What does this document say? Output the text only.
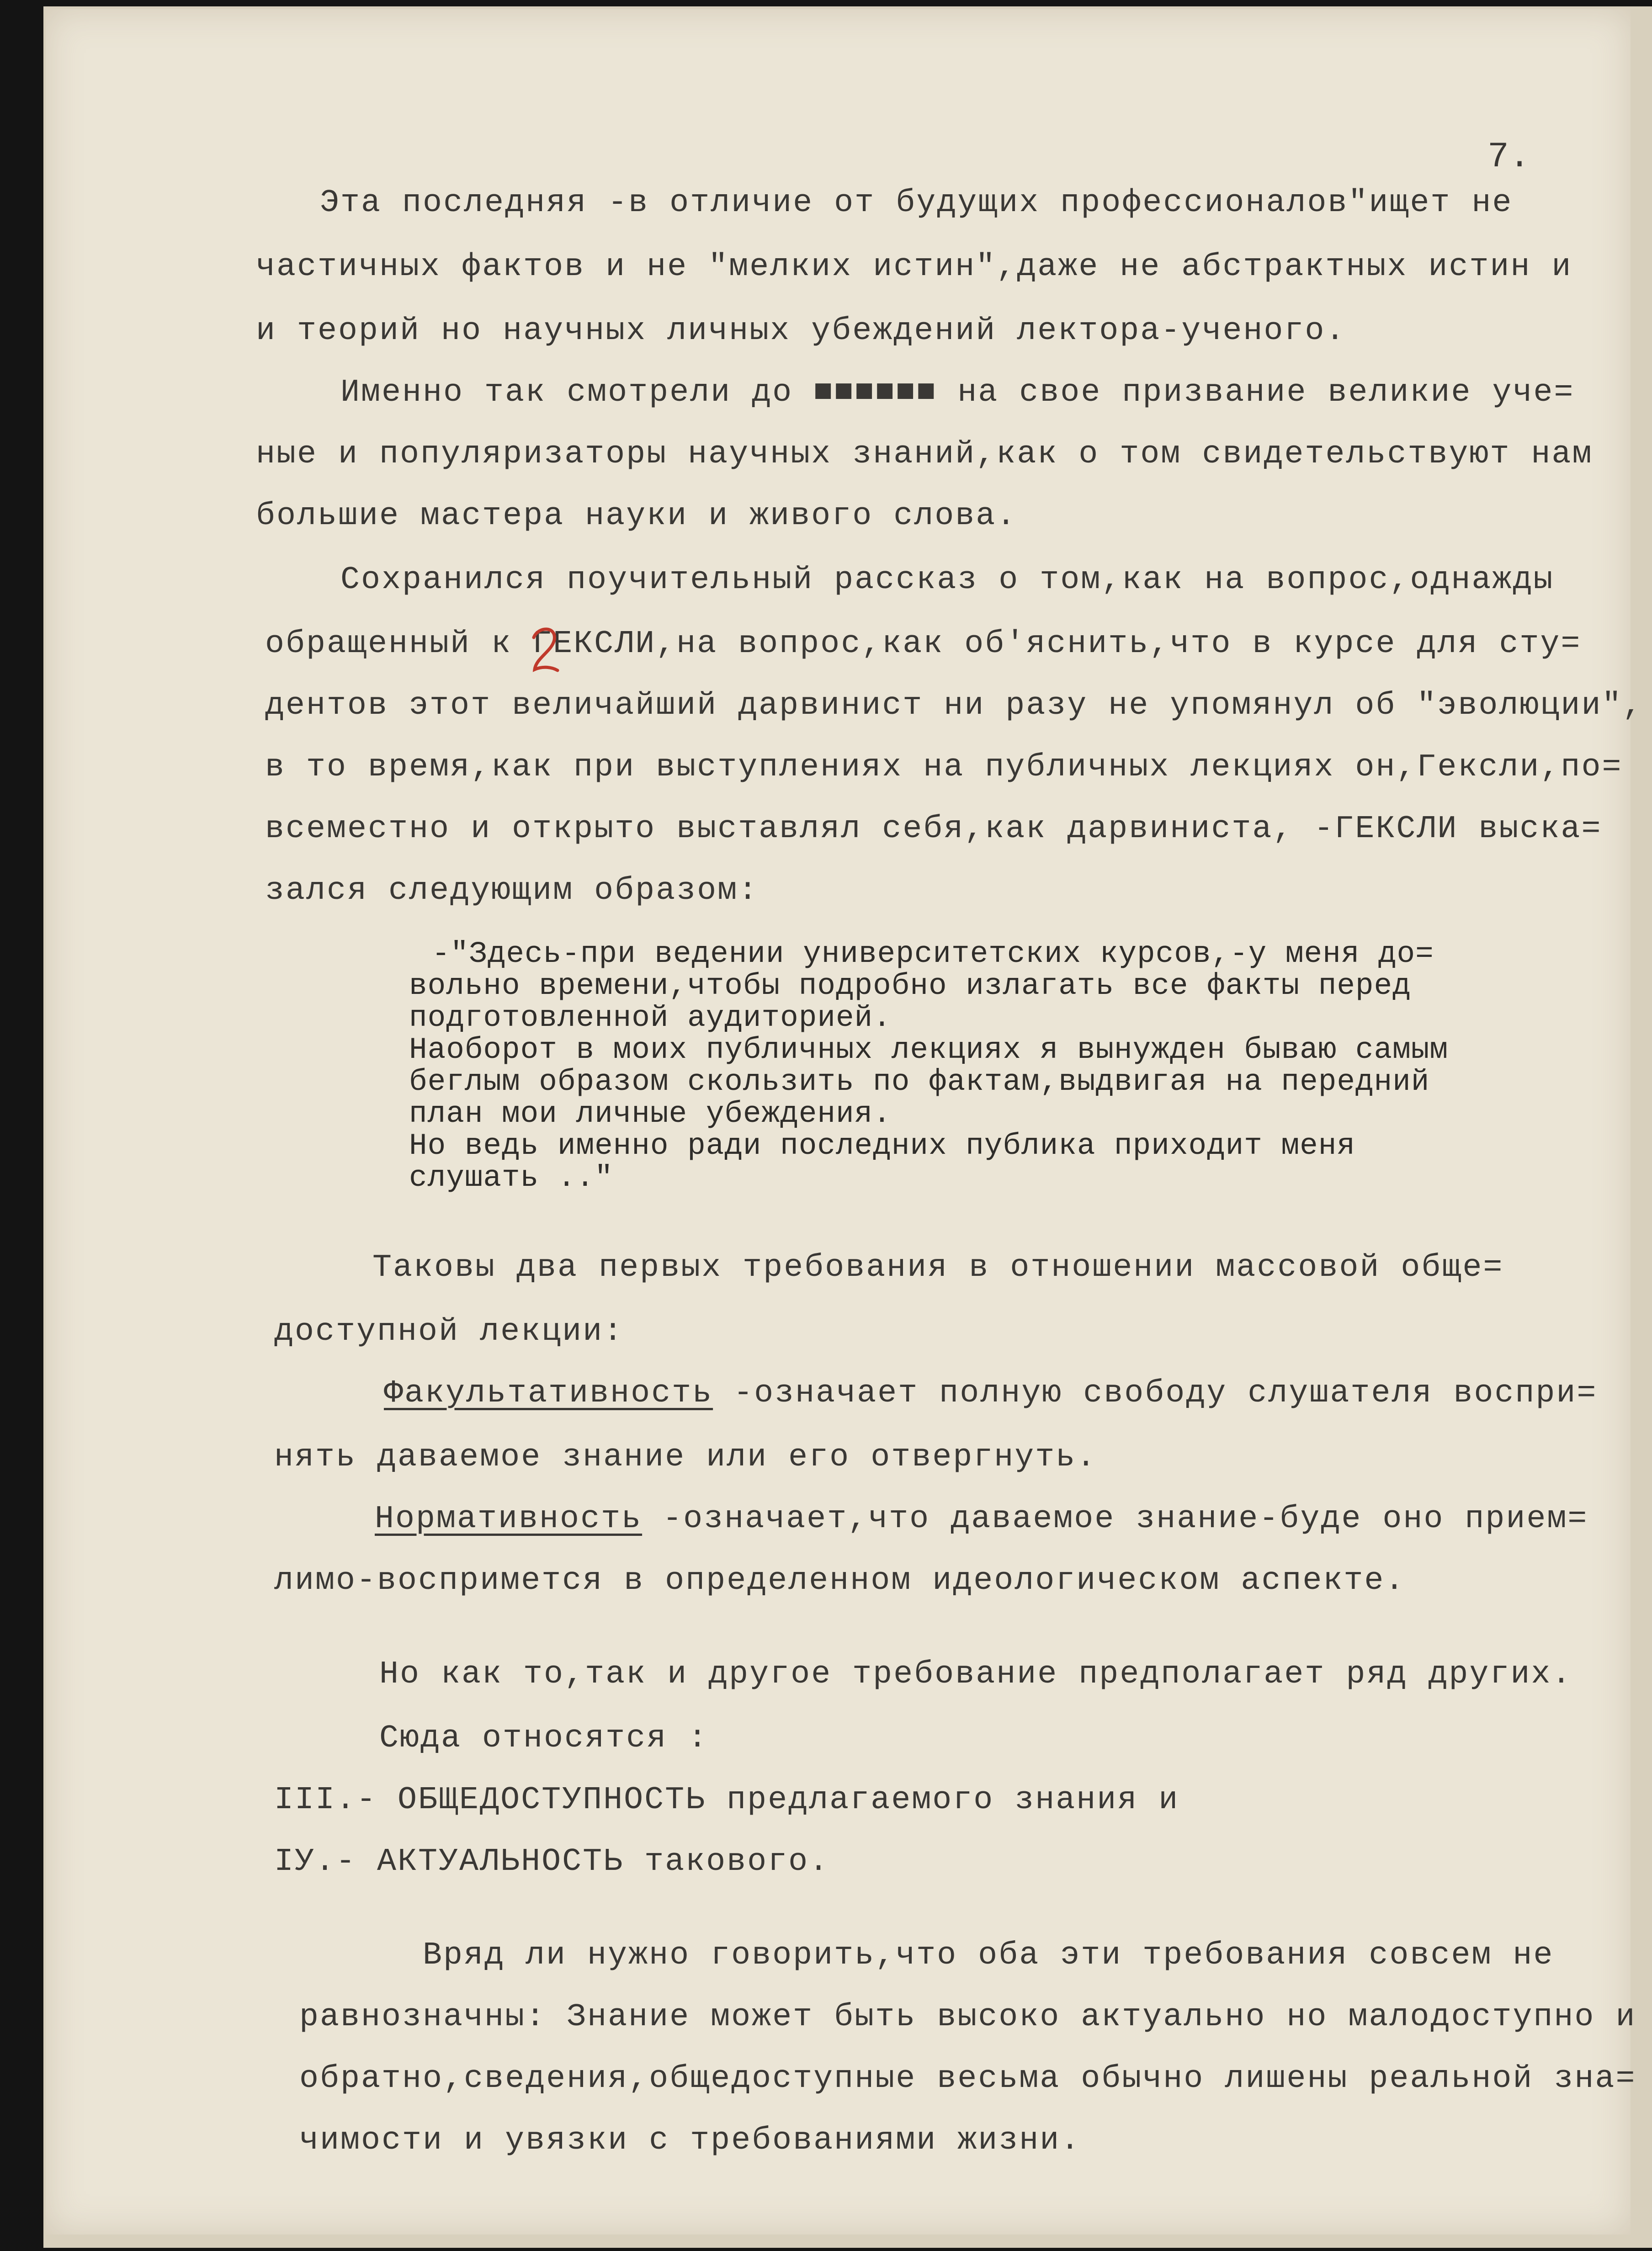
7.

Эта последняя -в отличие от будущих профессионалов"ищет не

частичных фактов и не "мелких истин",даже не абстрактных истин и

и теорий но научных личных убеждений лектора-ученого.

Именно так смотрели до ■■■■■■ на свое призвание великие уче=

ные и популяризаторы научных знаний,как о том свидетельствуют нам

большие мастера науки и живого слова.

Сохранился поучительный рассказ о том,как на вопрос,однажды

обращенный к ГЕКСЛИ,на вопрос,как об'яснить,что в курсе для сту=

дентов этот величайший дарвинист ни разу не упомянул об "эволюции",

в то время,как при выступлениях на публичных лекциях он,Гексли,по=

всеместно и открыто выставлял себя,как дарвиниста, -ГЕКСЛИ выска=

зался следующим образом:

-"Здесь-при ведении университетских курсов,-у меня до=

вольно времени,чтобы подробно излагать все факты перед

подготовленной аудиторией.

Наоборот в моих публичных лекциях я вынужден бываю самым

беглым образом скользить по фактам,выдвигая на передний

план мои личные убеждения.

Но ведь именно ради последних публика приходит меня

слушать .."

Таковы два первых требования в отношении массовой обще=

доступной лекции:

Факультативность -означает полную свободу слушателя воспри=

нять даваемое знание или его отвергнуть.

Нормативность -означает,что даваемое знание-буде оно прием=

лимо-воспримется в определенном идеологическом аспекте.

Но как то,так и другое требование предполагает ряд других.

Сюда относятся :

III.- ОБЩЕДОСТУПНОСТЬ предлагаемого знания и

IУ.- АКТУАЛЬНОСТЬ таковогo.

Вряд ли нужно говорить,что оба эти требования совсем не

равнозначны: Знание может быть высоко актуально но малодоступно и

обратно,сведения,общедоступные весьма обычно лишены реальной зна=

чимости и увязки с требованиями жизни.
